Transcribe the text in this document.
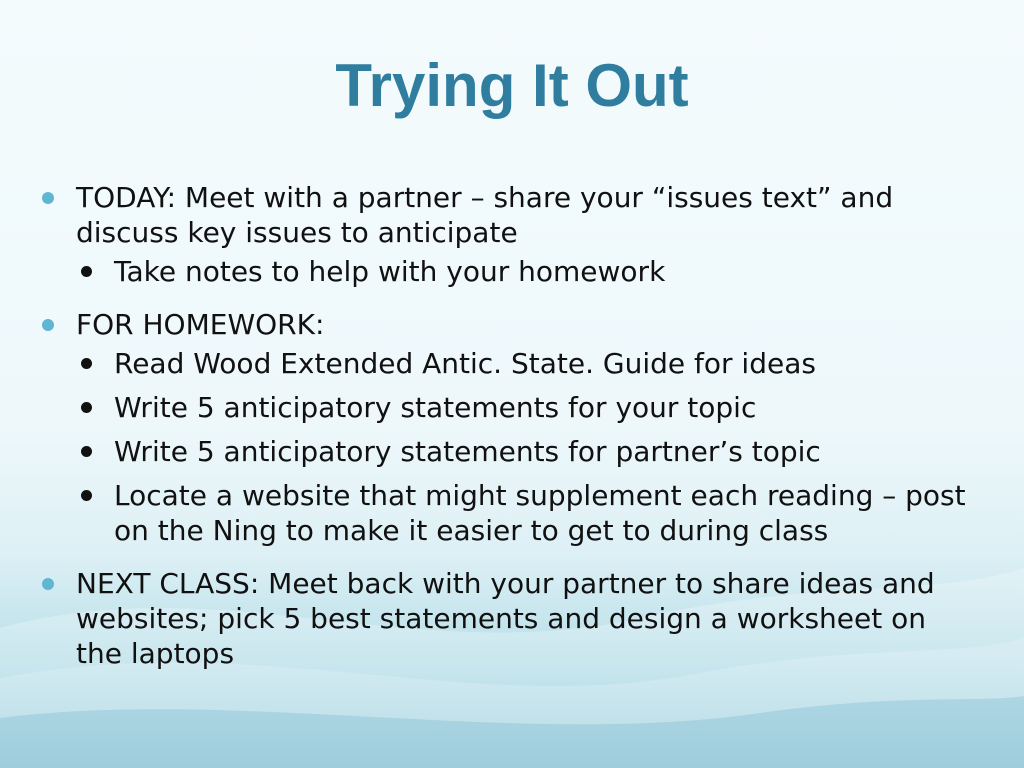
Trying It Out
TODAY: Meet with a partner – share your “issues text” and discuss key issues to anticipate
Take notes to help with your homework
FOR HOMEWORK:
Read Wood Extended Antic. State. Guide for ideas
Write 5 anticipatory statements for your topic
Write 5 anticipatory statements for partner’s topic
Locate a website that might supplement each reading – post on the Ning to make it easier to get to during class
NEXT CLASS: Meet back with your partner to share ideas and websites; pick 5 best statements and design a worksheet on the laptops
